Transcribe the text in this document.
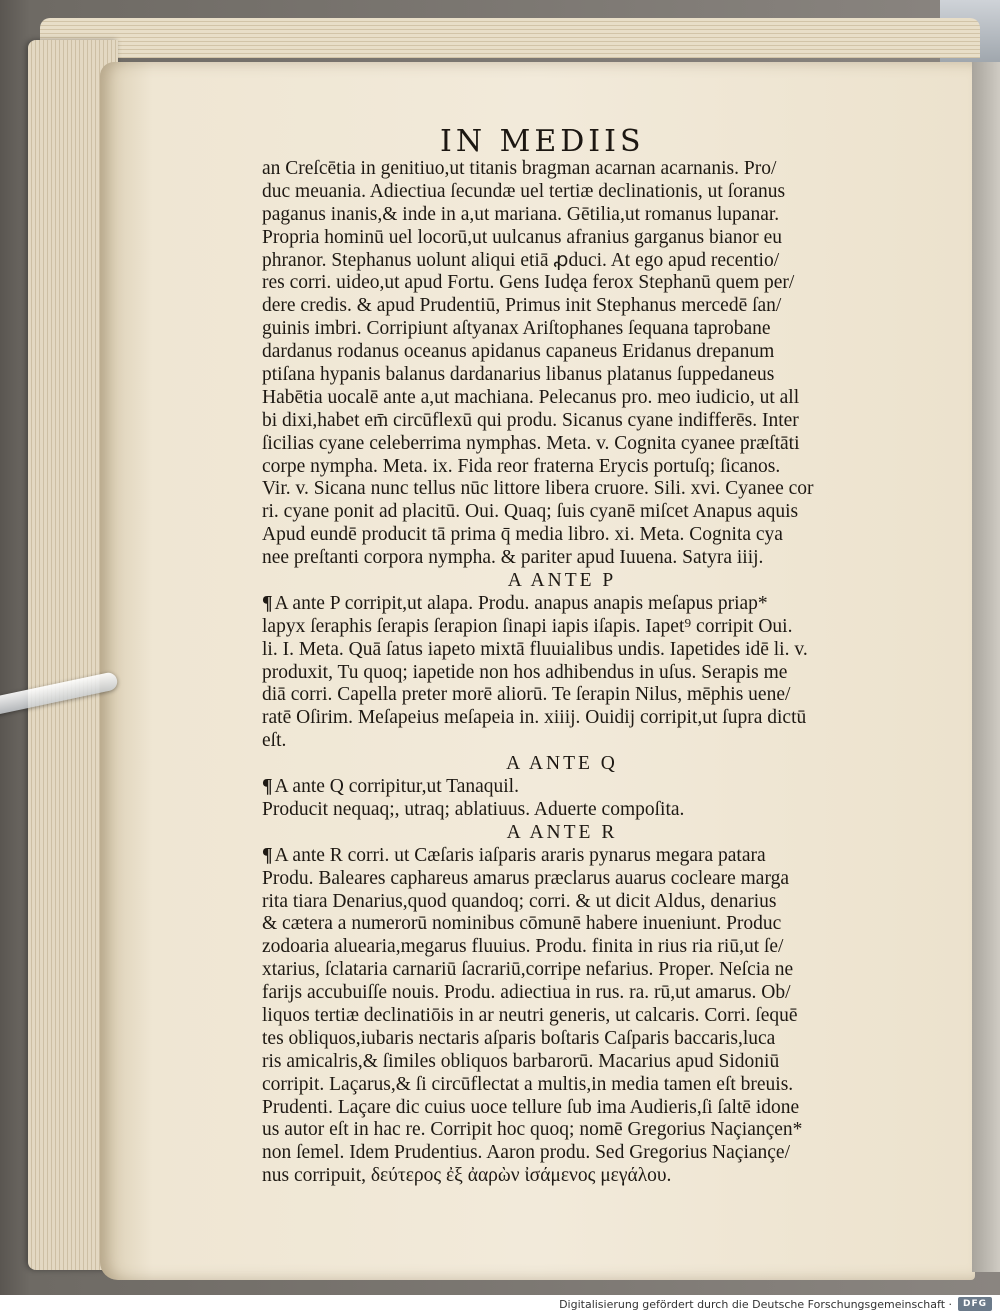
IN MEDIIS
an Creſcētia in genitiuo,ut titanis bragman acarnan acarnanis. Pro/
duc meuania. Adiectiua ſecundæ uel tertiæ declinationis, ut ſoranus
paganus inanis,& inde in a,ut mariana. Gētilia,ut romanus lupanar.
Propria hominū uel locorū,ut uulcanus afranius garganus bianor eu
phranor. Stephanus uolunt aliqui etiā ꝓduci. At ego apud recentio/
res corri. uideo,ut apud Fortu. Gens Iudęa ferox Stephanū quem per/
dere credis. & apud Prudentiū, Primus init Stephanus mercedē ſan/
guinis imbri. Corripiunt aſtyanax Ariſtophanes ſequana taprobane
dardanus rodanus oceanus apidanus capaneus Eridanus drepanum
ptiſana hypanis balanus dardanarius libanus platanus ſuppedaneus
Habētia uocalē ante a,ut machiana. Pelecanus pro. meo iudicio, ut all
bi dixi,habet em̄ circūflexū qui produ. Sicanus cyane indifferēs. Inter
ſicilias cyane celeberrima nymphas. Meta. v. Cognita cyanee præſtāti
corpe nympha. Meta. ix. Fida reor fraterna Erycis portuſq; ſicanos.
Vir. v. Sicana nunc tellus nūc littore libera cruore. Sili. xvi. Cyanee cor
ri. cyane ponit ad placitū. Oui. Quaq; ſuis cyanē miſcet Anapus aquis
Apud eundē producit tā prima q̄ media libro. xi. Meta. Cognita cya
nee preſtanti corpora nympha. & pariter apud Iuuena. Satyra iiij.
A ANTE P
¶ A ante P corripit,ut alapa. Produ. anapus anapis meſapus priap*
lapyx ſeraphis ſerapis ſerapion ſinapi iapis iſapis. Iapet⁹ corripit Oui.
li. I. Meta. Quā ſatus iapeto mixtā fluuialibus undis. Iapetides idē li. v.
produxit, Tu quoq; iapetide non hos adhibendus in uſus. Serapis me
diā corri. Capella preter morē aliorū. Te ſerapin Nilus, mēphis uene/
ratē Oſirim. Meſapeius meſapeia in. xiiij. Ouidij corripit,ut ſupra dictū
eſt.
A ANTE Q
¶ A ante Q corripitur,ut Tanaquil.
Producit nequaq;, utraq; ablatiuus. Aduerte compoſita.
A ANTE R
¶ A ante R corri. ut Cæſaris iaſparis araris pynarus megara patara
Produ. Baleares caphareus amarus præclarus auarus cocleare marga
rita tiara Denarius,quod quandoq; corri. & ut dicit Aldus, denarius
& cætera a numerorū nominibus cōmunē habere inueniunt. Produc
zodoaria aluearia,megarus fluuius. Produ. finita in rius ria riū,ut ſe/
xtarius, ſclataria carnariū ſacrariū,corripe nefarius. Proper. Neſcia ne
farijs accubuiſſe nouis. Produ. adiectiua in rus. ra. rū,ut amarus. Ob/
liquos tertiæ declinatiōis in ar neutri generis, ut calcaris. Corri. ſequē
tes obliquos,iubaris nectaris aſparis boſtaris Caſparis baccaris,luca
ris amicalris,& ſimiles obliquos barbarorū. Macarius apud Sidoniū
corripit. Laçarus,& ſi circūflectat a multis,in media tamen eſt breuis.
Prudenti. Laçare dic cuius uoce tellure ſub ima Audieris,ſi ſaltē idone
us autor eſt in hac re. Corripit hoc quoq; nomē Gregorius Naçiançen*
non ſemel. Idem Prudentius. Aaron produ. Sed Gregorius Naçiançe/
nus corripuit, δεύτερος ἐξ ἀαρὼν ἰσάμενος μεγάλου.
Digitalisierung gefördert durch die Deutsche Forschungsgemeinschaft ·	DFG
